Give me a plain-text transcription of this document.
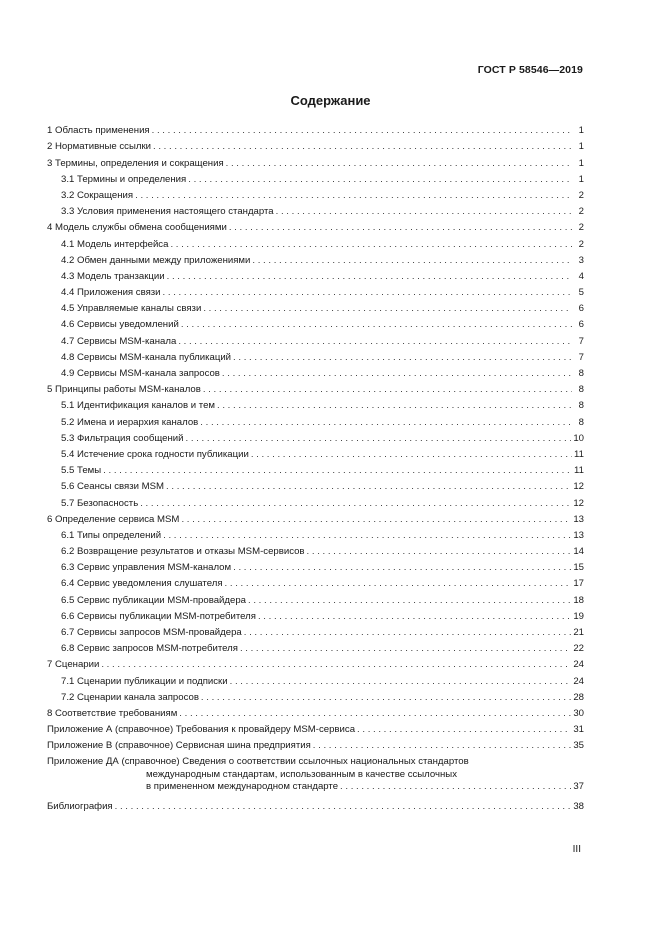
ГОСТ Р 58546—2019
Содержание
1 Область применения . . .	1
2 Нормативные ссылки . . .	1
3 Термины, определения и сокращения . . .	1
3.1 Термины и определения . . .	1
3.2 Сокращения . . .	2
3.3 Условия применения настоящего стандарта . . .	2
4 Модель службы обмена сообщениями . . .	2
4.1 Модель интерфейса . . .	2
4.2 Обмен данными между приложениями . . .	3
4.3 Модель транзакции . . .	4
4.4 Приложения связи . . .	5
4.5 Управляемые каналы связи . . .	6
4.6 Сервисы уведомлений . . .	6
4.7 Сервисы MSM-канала . . .	7
4.8 Сервисы MSM-канала публикаций . . .	7
4.9 Сервисы MSM-канала запросов . . .	8
5 Принципы работы MSM-каналов . . .	8
5.1 Идентификация каналов и тем . . .	8
5.2 Имена и иерархия каналов . . .	8
5.3 Фильтрация сообщений . . .	10
5.4 Истечение срока годности публикации . . .	11
5.5 Темы . . .	11
5.6 Сеансы связи MSM . . .	12
5.7 Безопасность . . .	12
6 Определение сервиса MSM . . .	13
6.1 Типы определений . . .	13
6.2 Возвращение результатов и отказы MSM-сервисов . . .	14
6.3 Сервис управления MSM-каналом . . .	15
6.4 Сервис уведомления слушателя . . .	17
6.5 Сервис публикации MSM-провайдера . . .	18
6.6 Сервисы публикации MSM-потребителя . . .	19
6.7 Сервисы запросов MSM-провайдера . . .	21
6.8 Сервис запросов MSM-потребителя . . .	22
7 Сценарии . . .	24
7.1 Сценарии публикации и подписки . . .	24
7.2 Сценарии канала запросов . . .	28
8 Соответствие требованиям . . .	30
Приложение А (справочное) Требования к провайдеру MSM-сервиса . . .	31
Приложение В (справочное) Сервисная шина предприятия . . .	35
Приложение ДА (справочное) Сведения о соответствии ссылочных национальных стандартов
международным стандартам, использованным в качестве ссылочных
в примененном международном стандарте . . .	37
Библиография . . .	38
III
